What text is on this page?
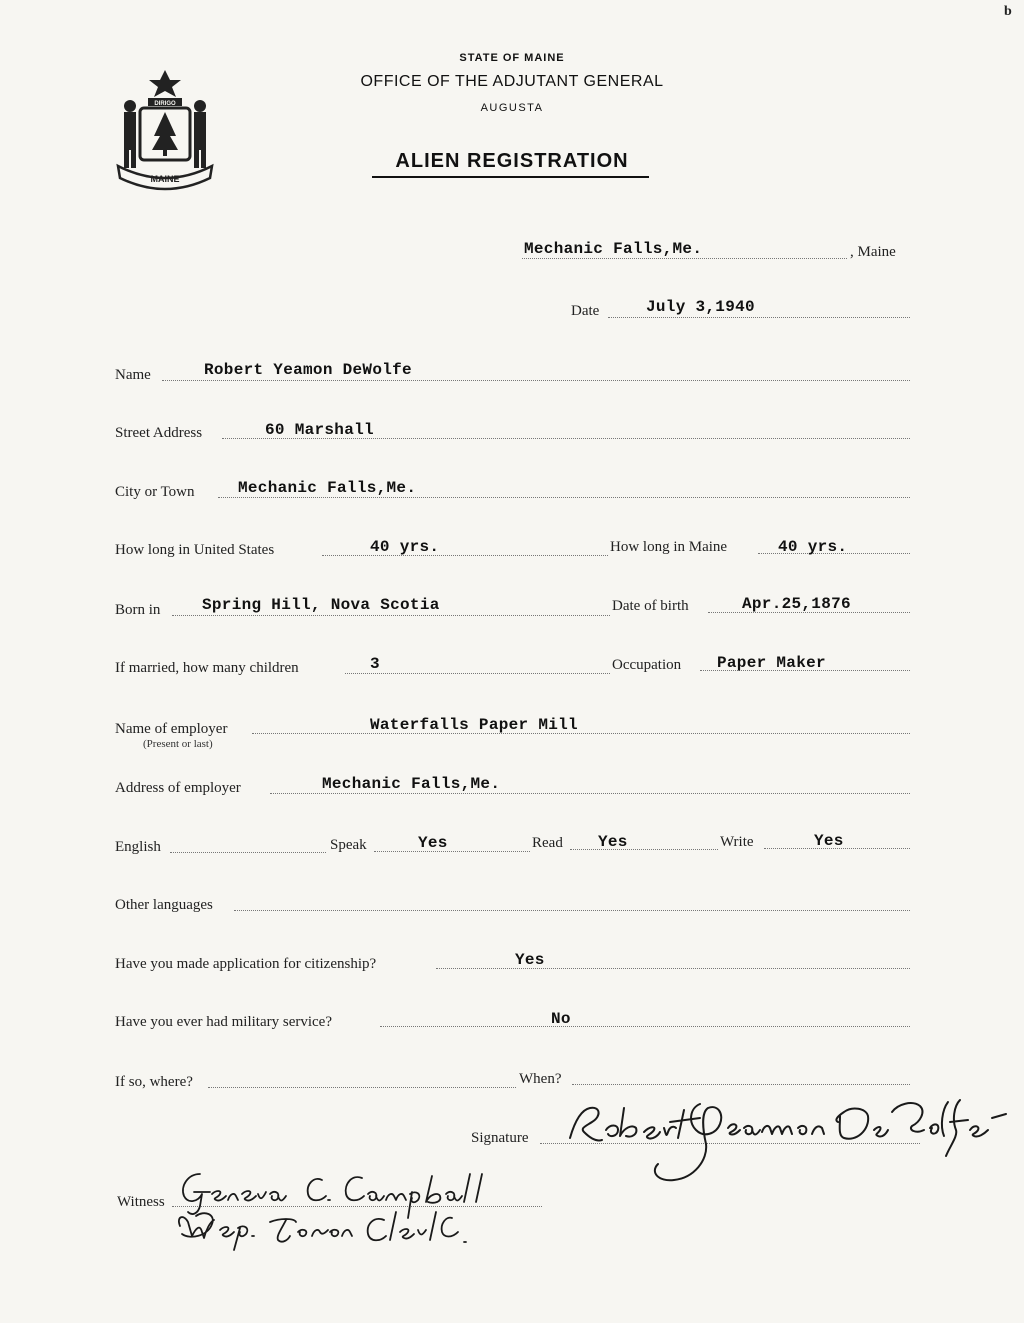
b
MAINE
DIRIGO
STATE OF MAINE
OFFICE OF THE ADJUTANT GENERAL
AUGUSTA
ALIEN REGISTRATION
Mechanic Falls,Me.	, Maine
Date	July 3,1940
Name	Robert Yeamon DeWolfe
Street Address	60 Marshall
City or Town	Mechanic Falls,Me.
How long in United States	40 yrs.	How long in Maine	40 yrs.
Born in	Spring Hill, Nova Scotia	Date of birth	Apr.25,1876
If married, how many children	3	Occupation Paper Maker
Name of employer
(Present or last)
Waterfalls Paper Mill
Address of employer	Mechanic Falls,Me.
English	Speak	Yes	Read Yes	Write	Yes
Other languages
Have you made application for citizenship?	Yes
Have you ever had military service?	No
If so, where?	When?
Signature
Robert Yeamon DeWolfe
Witness
Geneva C. Campbell
Dep. Town Clerk.
